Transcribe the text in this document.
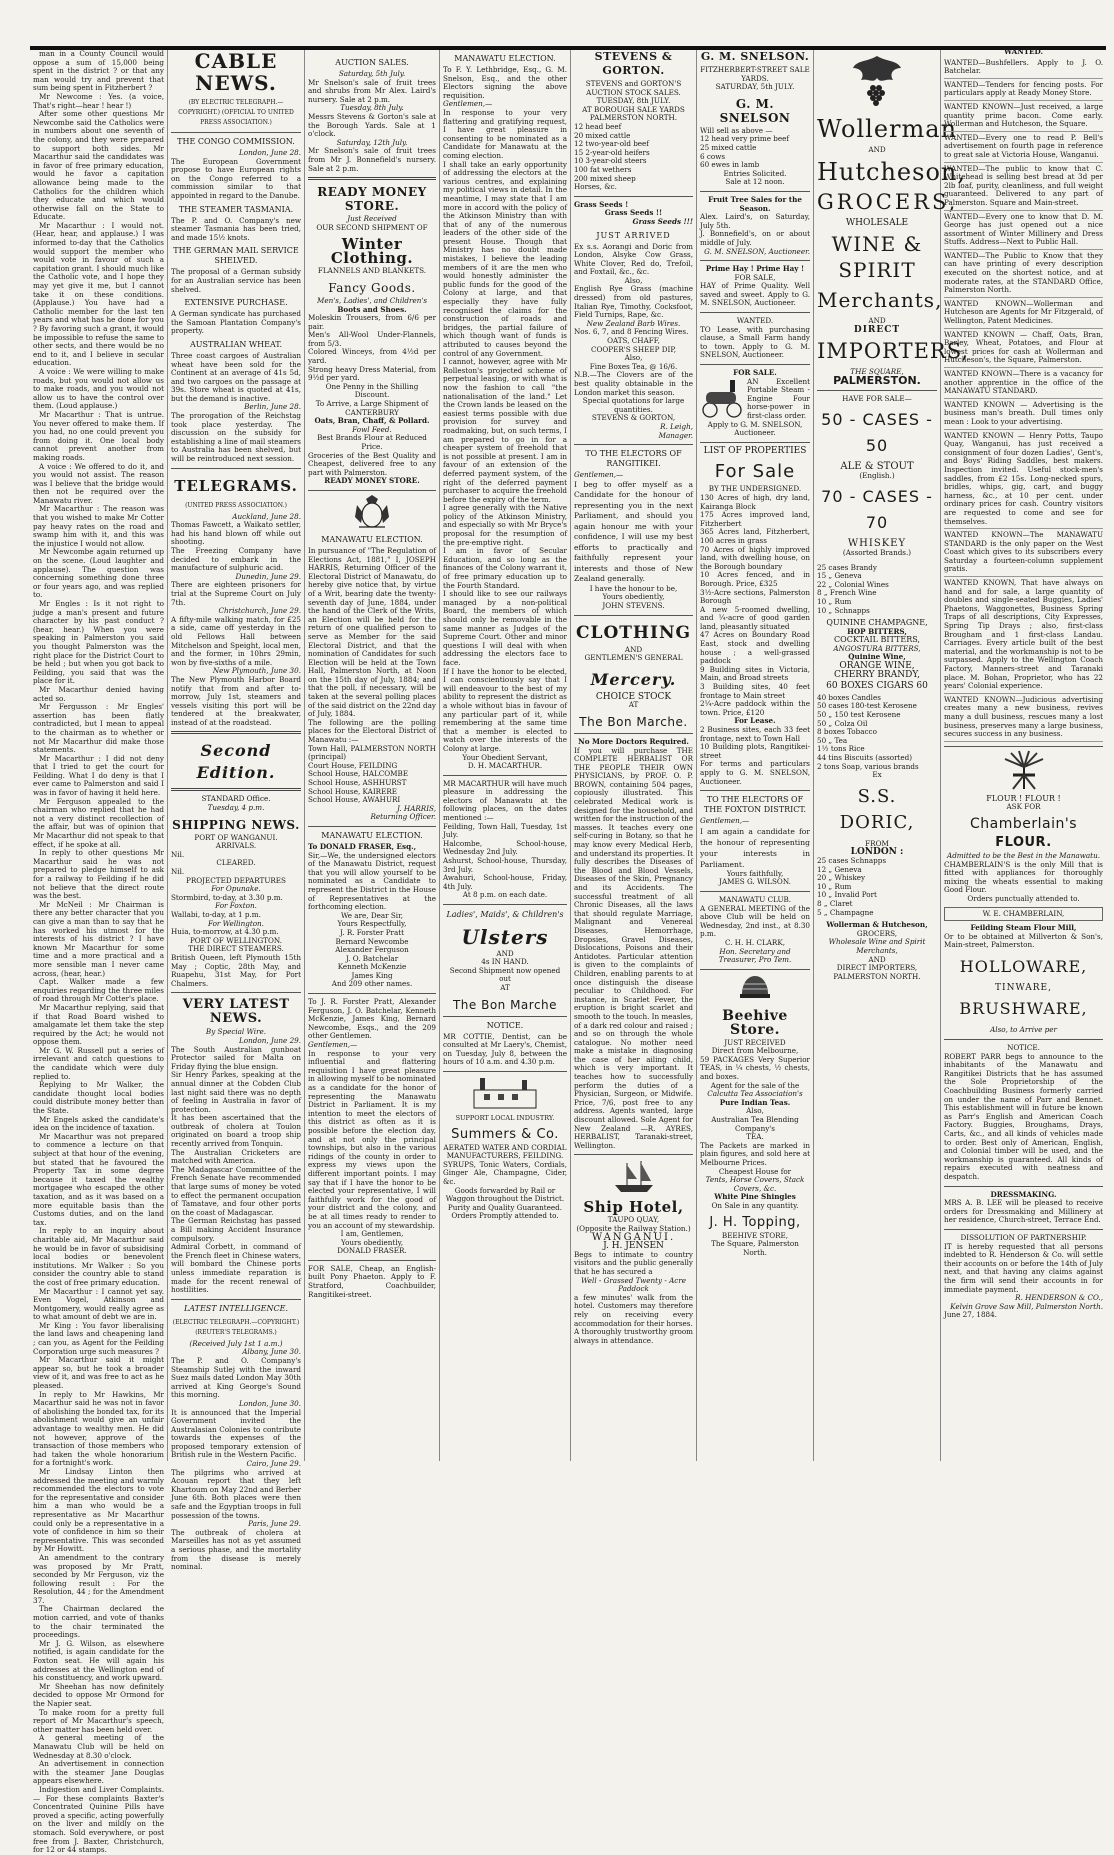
man in a County Council would oppose a sum of 15,000 being spent in the district ? or that any man would try and prevent that sum being spent in Fitzherbert ?
Mr Newcome : Yes. (a voice, That's right—hear ! hear !)
After some other questions Mr Newcombe said the Catholics were in numbers about one seventh of the colony, and they were prepared to support both sides. Mr Macarthur said the candidates was in favor of free primary education, would he favor a capitation allowance being made to the Catholics for the children which they educate and which would otherwise fall on the State to Educate.
Mr Macarthur : I would not. (Hear, hear, and applause.) I was informed to-day that the Catholics would support the member who would vote in favour of such a capitation grant. I should much like the Catholic vote, and I hope they may yet give it me, but I cannot take it on these conditions. (Applause.) You have had a Catholic member for the last ten years and what has he done for you ? By favoring such a grant, it would be impossible to refuse the same to other sects, and there would be no end to it, and I believe in secular education.
A voice : We were willing to make roads, but you would not allow us to make roads, and you would not allow us to have the control over them. (Loud applause.)
Mr Macarthur : That is untrue. You never offered to make them. If you had, no one could prevent you from doing it. One local body cannot prevent another from making roads.
A voice : We offered to do it, and you would not assist. The reason was I believe that the bridge would then not be required over the Manawatu river.
Mr Macarthur : The reason was that you wished to make Mr Cotter pay heavy rates on the road and swamp him with it, and this was the injustice I would not allow.
Mr Newcombe again returned up on the scene. (Loud laughter and applause). The question was concerning something done three or four years ago, and was replied to.
Mr Engles : Is it not right to judge a man's present and future character by his past conduct ? (hear, hear.) When you were speaking in Palmerston you said you thought Palmerston was the right place for the District Court to be held ; but when you got back to Feilding, you said that was the place for it.
Mr Macarthur denied having acted so.
Mr Fergusson : Mr Engles' assertion has been flatly contradicted, but I mean to appeal to the chairman as to whether or not Mr Macarthur did make those statements.
Mr Macarthur : I did not deny that I tried to get the court for Feilding. What I do deny is that I ever came to Palmerston and said I was in favor of having it held here.
Mr Ferguson appealed to the chairman who replied that he had not a very distinct recollection of the affair, but was of opinion that Mr Macarthur did not speak to that effect, if he spoke at all.
In reply to other questions Mr Macarthur said he was not prepared to pledge himself to ask for a railway to Feilding if he did not believe that the direct route was the best.
Mr McNeil : Mr Chairman is there any better character that you can give a man than to say that he has worked his utmost for the interests of his district ? I have known Mr Macarthur for some time and a more practical and a more sensible man I never came across, (hear, hear.)
Capt. Walker made a few enquiries regarding the three miles of road through Mr Cotter's place.
Mr Macarthur replying, said that if that Road Board wished to amalgamate let them take the step required by the Act; he would not oppose them.
Mr G. W. Russell put a series of irrelevant and catch questions to the candidate which were duly replied to.
Replying to Mr Walker, the candidate thought local bodies could distribute money better than the State.
Mr Engels asked the candidate's idea on the incidence of taxation.
Mr Macarthur was not prepared to commence a lecture on that subject at that hour of the evening, but stated that he favoured the Property Tax in some degree because it taxed the wealthy mortgagee who escaped the other taxation, and as it was based on a more equitable basis than the Customs duties, and on the land tax.
In reply to an inquiry about charitable aid, Mr Macarthur said he would be in favor of subsidising local bodies or benevolent institutions. Mr Walker : So you consider the country able to stand the cost of free primary education.
Mr Macarthur : I cannot yet say. Even Vogel, Atkinson and Montgomery, would really agree as to what amount of debt we are in.
Mr King : You favor liberalising the land laws and cheapening land ; can you, as Agent for the Feilding Corporation urge such measures ?
Mr Macarthur said it might appear so, but he took a broader view of it, and was free to act as he pleased.
In reply to Mr Hawkins, Mr Macarthur said he was not in favor of abolishing the bonded tax, for its abolishment would give an unfair advantage to wealthy men. He did not however, approve of the transaction of those members who had taken the whole honorarium for a fortnight's work.
Mr Lindsay Linton then addressed the meeting and warmly recommended the electors to vote for the representative and consider him a man who would be a representative as Mr Macarthur could only be a representative in a vote of confidence in him so their representative. This was seconded by Mr Howitt.
An amendment to the contrary was proposed by Mr Pratt, seconded by Mr Ferguson, viz the following result : For the Resolution, 44 ; for the Amendment 37.
The Chairman declared the motion carried, and vote of thanks to the chair terminated the proceedings.
Mr J. G. Wilson, as elsewhere notified, is again candidate for the Foxton seat. He will again his addresses at the Wellington end of his constituency, and work upward.
Mr Sheehan has now definitely decided to oppose Mr Ormond for the Napier seat.
To make room for a pretty full report of Mr Macarthur's speech, other matter has been held over.
A general meeting of the Manawatu Club will be held on Wednesday at 8.30 o'clock.
An advertisement in connection with the steamer Jane Douglas appears elsewhere.
Indigestion and Liver Complaints.— For these complaints Baxter's Concentrated Quinine Pills have proved a specific, acting powerfully on the liver and mildly on the stomach. Sold everywhere, or post free from J. Baxter, Christchurch, for 12 or 44 stamps.
CABLE NEWS.
(BY ELECTRIC TELEGRAPH.—COPYRIGHT.) (OFFICIAL TO UNITED PRESS ASSOCIATION.)
THE CONGO COMMISSION.
London, June 28.
The European Government propose to have European rights on the Congo referred to a commission similar to that appointed in regard to the Danube.
THE STEAMER TASMANIA.
The P. and O. Company's new steamer Tasmania has been tried, and made 15½ knots.
THE GERMAN MAIL SERVICE SHELVED.
The proposal of a German subsidy for an Australian service has been shelved.
EXTENSIVE PURCHASE.
A German syndicate has purchased the Samoan Plantation Company's property.
AUSTRALIAN WHEAT.
Three coast cargoes of Australian wheat have been sold for the Continent at an average of 41s 5d, and two cargoes on the passage at 39s. Store wheat is quoted at 41s, but the demand is inactive.
Berlin, June 28.
The prorogation of the Reichstag took place yesterday. The discussion on the subsidy for establishing a line of mail steamers to Australia has been shelved, but will be reintroduced next session.
TELEGRAMS.
(UNITED PRESS ASSOCIATION.)
Auckland, June 28.
Thomas Fawcett, a Waikato settler, had his hand blown off while out shooting.
The Freezing Company have decided to embark in the manufacture of sulphuric acid.
Dunedin, June 29.
There are eighteen prisoners for trial at the Supreme Court on July 7th.
Christchurch, June 29.
A fifty-mile walking match, for £25 a side, came off yesterday in the old Fellows Hall between Mitchelson and Speight, local men, and the former, in 10hrs 29min, won by five-sixths of a mile.
New Plymouth, June 30.
The New Plymouth Harbor Board notify that from and after to-morrow, July 1st, steamers and vessels visiting this port will be tendered at the breakwater, instead of at the roadstead.
Second Edition.
STANDARD Office.
Tuesday, 4 p.m.
SHIPPING NEWS.
PORT OF WANGANUI.
ARRIVALS.
Nil.
CLEARED.
Nil.
PROJECTED DEPARTURES
For Opunake.
Stormbird, to-day, at 3.30 p.m.
For Foxton.
Wallabi, to-day, at 1 p.m.
For Wellington.
Huia, to-morrow, at 4.30 p.m.
PORT OF WELLINGTON.
THE DIRECT STEAMERS.
British Queen, left Plymouth 15th May ; Coptic, 28th May, and Ruapehu, 31st May, for Port Chalmers.
VERY LATEST NEWS.
By Special Wire.
London, June 29.
The South Australian gunboat Protector sailed for Malta on Friday flying the blue ensign.
Sir Henry Parkes, speaking at the annual dinner at the Cobden Club last night said there was no depth of feeling in Australia in favor of protection.
It has been ascertained that the outbreak of cholera at Toulon originated on board a troop ship recently arrived from Tonquin.
The Australian Cricketers are matched with America.
The Madagascar Committee of the French Senate have recommended that large sums of money be voted to effect the permanent occupation of Tamatave, and four other ports on the coast of Madagascar.
The German Reichstag has passed a Bill making Accident Insurance compulsory.
Admiral Corbett, in command of the French fleet in Chinese waters, will bombard the Chinese ports unless immediate reparation is made for the recent renewal of hostilities.
LATEST INTELLIGENCE.
(ELECTRIC TELEGRAPH.—COPYRIGHT.) (REUTER'S TELEGRAMS.)
(Received July 1st 1 a.m.)
Albany, June 30.
The P. and O. Company's Steamship Sutlej with the inward Suez mails dated London May 30th arrived at King George's Sound this morning.
London, June 30.
It is announced that the Imperial Government invited the Australasian Colonies to contribute towards the expenses of the proposed temporary extension of British rule in the Western Pacific.
Cairo, June 29.
The pilgrims who arrived at Acouan report that they left Khartoum on May 22nd and Berber June 6th. Both places were then safe and the Egyptian troops in full possession of the towns.
Paris, June 29.
The outbreak of cholera at Marseilles has not as yet assumed a serious phase, and the mortality from the disease is merely nominal.
AUCTION SALES.
Saturday, 5th July.
Mr Snelson's sale of fruit trees and shrubs from Mr Alex. Laird's nursery. Sale at 2 p.m.
Tuesday, 8th July.
Messrs Stevens & Gorton's sale at the Borough Yards. Sale at 1 o'clock.
Saturday, 12th July.
Mr Snelson's sale of fruit trees from Mr J. Bonnefield's nursery. Sale at 2 p.m.
READY MONEY STORE.
Just Received
OUR SECOND SHIPMENT OF
Winter Clothing.
FLANNELS AND BLANKETS.
Fancy Goods.
Men's, Ladies', and Children's
Boots and Shoes.
Moleskin Trousers, from 6/6 per pair.
Men's All-Wool Under-Flannels, from 5/3.
Colored Winceys, from 4½d per yard.
Strong heavy Dress Material, from 9½d per yard.
One Penny in the Shilling Discount.
To Arrive, a Large Shipment of
CANTERBURY
Oats, Bran, Chaff, & Pollard.
Fowl Feed.
Best Brands Flour at Reduced Price.
Groceries of the Best Quality and Cheapest, delivered free to any part with Palmerston.
READY MONEY STORE.
MANAWATU ELECTION.
In pursuance of "The Regulation of Elections Act, 1881," I, JOSEPH HARRIS, Returning Officer of the Electoral District of Manawatu, do hereby give notice that, by virtue of a Writ, bearing date the twenty-seventh day of June, 1884, under the hand of the Clerk of the Writs, an Election will be held for the return of one qualified person to serve as Member for the said Electoral District, and that the nomination of Candidates for such Election will be held at the Town Hall, Palmerston North, at Noon on the 15th day of July, 1884; and that the poll, if necessary, will be taken at the several polling places of the said district on the 22nd day of July, 1884.
The following are the polling places for the Electoral District of Manawatu :—
Town Hall, PALMERSTON NORTH (principal)
Court House, FEILDING
School House, HALCOMBE
School House, ASHHURST
School House, KAIRERE
School House, AWAHURI
J. HARRIS,
Returning Officer.
MANAWATU ELECTION.
To DONALD FRASER, Esq.,
Sir,—We, the undersigned electors of the Manawatu District, request that you will allow yourself to be nominated as a Candidate to represent the District in the House of Representatives at the forthcoming election.
We are, Dear Sir,
Yours Respectfully,
J. R. Forster Pratt
Bernard Newcombe
Alexander Ferguson
J. O. Batchelar
Kenneth McKenzie
James King
And 209 other names.
To J. R. Forster Pratt, Alexander Ferguson, J. O. Batchelar, Kenneth McKenzie, James King, Bernard Newcombe, Esqs., and the 209 other Gentlemen.
Gentlemen,—
In response to your very influential and flattering requisition I have great pleasure in allowing myself to be nominated as a candidate for the honor of representing the Manawatu District in Parliament. It is my intention to meet the electors of this district as often as it is possible before the election day, and at not only the principal townships, but also in the various ridings of the county in order to express my views upon the different important points. I may say that if I have the honor to be elected your representative, I will faithfully work for the good of your district and the colony, and be at all times ready to render to you an account of my stewardship.
I am, Gentlemen,
Yours obediently,
DONALD FRASER.
FOR SALE, Cheap, an English-built Pony Phaeton. Apply to F. Stratford, Coachbuilder, Rangitikei-street.
MANAWATU ELECTION.
To F. Y. Lethbridge, Esq., G. M. Snelson, Esq., and the other Electors signing the above requisition.
Gentlemen,—
In response to your very flattering and gratifying request, I have great pleasure in consenting to be nominated as a Candidate for Manawatu at the coming election.
I shall take an early opportunity of addressing the electors at the various centres, and explaining my political views in detail. In the meantime, I may state that I am more in accord with the policy of the Atkinson Ministry than with that of any of the numerous leaders of the other side of the present House. Though that Ministry has no doubt made mistakes, I believe the leading members of it are the men who would honestly administer the public funds for the good of the Colony at large, and that especially they have fully recognised the claims for the construction of roads and bridges, the partial failure of which though want of funds is attributed to causes beyond the control of any Government.
I cannot, however, agree with Mr Rolleston's projected scheme of perpetual leasing, or with what is now the fashion to call "the nationalisation of the land." Let the Crown lands be leased on the easiest terms possible with due provision for survey and roadmaking, but, on such terms, I am prepared to go in for a cheaper system of freehold that is not possible at present. I am in favour of an extension of the deferred payment system, of the right of the deferred payment purchaser to acquire the freehold before the expiry of the term.
I agree generally with the Native policy of the Atkinson Ministry, and especially so with Mr Bryce's proposal for the resumption of the pre-emptive right.
I am in favor of Secular Education, and so long as the finances of the Colony warrant it, of free primary education up to the Fourth Standard.
I should like to see our railways managed by a non-political Board, the members of which should only be removable in the same manner as Judges of the Supreme Court. Other and minor questions I will deal with when addressing the electors face to face.
If I have the honor to be elected, I can conscientiously say that I will endeavour to the best of my ability to represent the district as a whole without bias in favour of any particular part of it, while remembering at the same time that a member is elected to watch over the interests of the Colony at large.
Your Obedient Servant,
D. H. MACARTHUR.
MR MACARTHUR will have much pleasure in addressing the electors of Manawatu at the following places, on the dates mentioned :—
Feilding, Town Hall, Tuesday, 1st July.
Halcombe, School-house, Wednesday 2nd July.
Ashurst, School-house, Thursday, 3rd July.
Awahuri, School-house, Friday, 4th July.
At 8 p.m. on each date.
Ladies', Maids', & Children's
Ulsters
AND
4s IN HAND.
Second Shipment now opened out
AT
The Bon Marche
NOTICE.
MR COTTIE, Dentist, can be consulted at Mr Laery's, Chemist, on Tuesday, July 8, between the hours of 10 a.m. and 4.30 p.m.
SUPPORT LOCAL INDUSTRY.
Summers & Co.
AERATED WATER AND CORDIAL MANUFACTURERS, FEILDING.
SYRUPS, Tonic Waters, Cordials, Ginger Ale, Champagne, Cider, &c.
Goods forwarded by Rail or Waggon throughout the District.
Purity and Quality Guaranteed.
Orders Promptly attended to.
STEVENS & GORTON.
STEVENS and GORTON'S
AUCTION STOCK SALES.
TUESDAY, 8th JULY.
AT BOROUGH SALE YARDS
PALMERSTON NORTH.
12 head beef
20 mixed cattle
12 two-year-old beef
15 2-year-old heifers
10 3-year-old steers
100 fat wethers
200 mixed sheep
Horses, &c.
Grass Seeds !
Grass Seeds !!
Grass Seeds !!!
JUST ARRIVED
Ex s.s. Aorangi and Doric from London, Alsyke Cow Grass, White Clover, Red do, Trefoil, and Foxtail, &c., &c.
Also,
English Rye Grass (machine dressed) from old pastures, Italian Rye, Timothy, Cocksfoot, Field Turnips, Rape, &c.
New Zealand Barb Wires.
Nos. 6, 7, and 8 Fencing Wires.
OATS, CHAFF,
COOPER'S SHEEP DIP,
Also,
Fine Boxes Tea, @ 16/6.
N.B.—The Clovers are of the best quality obtainable in the London market this season.
Special quotations for large quantities.
STEVENS & GORTON,
R. Leigh,
Manager.
TO THE ELECTORS OF RANGITIKEI.
Gentlemen,—
I beg to offer myself as a Candidate for the honour of representing you in the next Parliament, and should you again honour me with your confidence, I will use my best efforts to practically and faithfully represent your interests and those of New Zealand generally.
I have the honour to be,
Yours obediently,
JOHN STEVENS.
CLOTHING
AND
GENTLEMEN'S GENERAL
Mercery.
CHOICE STOCK
AT
The Bon Marche.
No More Doctors Required.
If you will purchase THE COMPLETE HERBALIST OR THE PEOPLE THEIR OWN PHYSICIANS, by PROF. O. P. BROWN, containing 504 pages, copiously illustrated. This celebrated Medical work is designed for the household, and written for the instruction of the masses. It teaches every one self-curing in Botany, so that he may know every Medical Herb, and understand its properties. It fully describes the Diseases of the Blood and Blood Vessels, Diseases of the Skin, Pregnancy and its Accidents. The successful treatment of all Chronic Diseases, all the laws that should regulate Marriage, Malignant and Venereal Diseases, Hemorrhage, Dropsies, Gravel Diseases, Dislocations, Poisons and their Antidotes. Particular attention is given to the complaints of Children, enabling parents to at once distinguish the disease peculiar to Childhood. For instance, in Scarlet Fever, the eruption is bright scarlet and smooth to the touch. In measles, of a dark red colour and raised ; and so on through the whole catalogue. No mother need make a mistake in diagnosing the case of her ailing child, which is very important. It teaches how to successfully perform the duties of a Physician, Surgeon, or Midwife. Price, 7/6, post free to any address. Agents wanted, large discount allowed. Sole Agent for New Zealand —R. AYRES, HERBALIST, Taranaki-street, Wellington.
Ship Hotel,
TAUPO QUAY,
(Opposite the Railway Station.)
WANGANUI.
J. H. JENSEN
Begs to intimate to country visitors and the public generally that he has secured a
Well - Grassed Twenty - Acre Paddock
a few minutes' walk from the hotel. Customers may therefore rely on receiving every accommodation for their horses.
A thoroughly trustworthy groom always in attendance.
G. M. SNELSON.
FITZHERBERT-STREET SALE YARDS.
SATURDAY, 5th JULY.
G. M. SNELSON
Will sell as above —
12 head very prime beef
25 mixed cattle
6 cows
60 ewes in lamb
Entries Solicited.
Sale at 12 noon.
Fruit Tree Sales for the Season.
Alex. Laird's, on Saturday, July 5th.
J. Bonnefield's, on or about middle of July.
G. M. SNELSON, Auctioneer.
Prime Hay ! Prime Hay !
FOR SALE,
HAY of Prime Quality. Well saved and sweet. Apply to G. M. SNELSON, Auctioneer.
WANTED.
TO Lease, with purchasing clause, a Small Farm handy to town. Apply to G. M. SNELSON, Auctioneer.
FOR SALE.
AN Excellent Portable Steam - Engine Four horse-power in first-class order.
Apply to G. M. SNELSON, Auctioneer.
LIST OF PROPERTIES
For Sale
BY THE UNDERSIGNED.
130 Acres of high, dry land, Kairanga Block
175 Acres improved land, Fitzherbert
365 Acres land, Fitzherbert, 100 acres in grass
70 Acres of highly improved land, with dwelling house, on the Borough boundary
10 Acres fenced, and in Borough. Price, £325
3½-Acre sections, Palmerston Borough
A new 5-roomed dwelling, and ¼-acre of good garden land, pleasantly situated
47 Acres on Boundary Road East, stock and dwelling house ; a well-grassed paddock
9 Building sites in Victoria, Main, and Broad streets
3 Building sites, 40 feet frontage to Main street
2¼-Acre paddock within the town. Price, £120
For Lease.
2 Business sites, each 33 feet frontage, next to Town Hall
10 Building plots, Rangitikei-street
For terms and particulars apply to G. M. SNELSON, Auctioneer.
TO THE ELECTORS OF THE FOXTON DISTRICT.
Gentlemen,—
I am again a candidate for the honour of representing your interests in Parliament.
Yours faithfully,
JAMES G. WILSON.
MANAWATU CLUB.
A GENERAL MEETING of the above Club will be held on Wednesday, 2nd inst., at 8.30 p.m.
C. H. H. CLARK,
Hon. Secretary and Treasurer, Pro Tem.
Beehive Store.
JUST RECEIVED
Direct from Melbourne,
59 PACKAGES Very Superior TEAS, in ¼ chests, ½ chests, and boxes.
Agent for the sale of the
Calcutta Tea Association's
Pure Indian Teas.
Also,
Australian Tea Blending Company's
TEA.
The Packets are marked in plain figures, and sold here at Melbourne Prices.
Cheapest House for
Tents, Horse Covers, Stack Covers, &c.
White Pine Shingles
On Sale in any quantity.
J. H. Topping,
BEEHIVE STORE,
The Square, Palmerston North.
Wollerman
AND
Hutcheson,
GROCERS,
WHOLESALE
WINE & SPIRIT
Merchants,
AND
DIRECT
IMPORTERS,
THE SQUARE,
PALMERSTON.
HAVE FOR SALE—
50 - CASES - 50
ALE & STOUT
(English.)
70 - CASES - 70
WHISKEY
(Assorted Brands.)
25 cases Brandy
15 „ Geneva
22 „ Colonial Wines
8 „ French Wine
10 „ Rum
10 „ Schnapps
QUININE CHAMPAGNE,
HOP BITTERS,
COCKTAIL BITTERS,
ANGOSTURA BITTERS,
Quinine Wine,
ORANGE WINE,
CHERRY BRANDY,
60 BOXES CIGARS 60
40 boxes Candles
50 cases 180-test Kerosene
50 „ 150 test Kerosene
50 „ Colza Oil
8 boxes Tobacco
50 „ Tea
1½ tons Rice
44 tins Biscuits (assorted)
2 tons Soap, various brands
Ex
S.S. DORIC,
FROM
LONDON :
25 cases Schnapps
12 „ Geneva
20 „ Whiskey
10 „ Rum
10 „ Invalid Port
8 „ Claret
5 „ Champagne
Wollerman & Hutcheson,
GROCERS,
Wholesale Wine and Spirit
Merchants,
AND
DIRECT IMPORTERS,
PALMERSTON NORTH.
WANTED.
WANTED—Bushfellers. Apply to J. O. Batchelar.
WANTED—Tenders for fencing posts. For particulars apply at Ready Money Store.
WANTED KNOWN—Just received, a large quantity prime bacon. Come early. Wollerman and Hutcheson, the Square.
WANTED—Every one to read P. Bell's advertisement on fourth page in reference to great sale at Victoria House, Wanganui.
WANTED—The public to know that C. Whitehead is selling best bread at 3d per 2lb loaf, purity, cleanliness, and full weight guaranteed. Delivered to any part of Palmerston. Square and Main-street.
WANTED—Every one to know that D. M. George has just opened out a nice assortment of Winter Millinery and Dress Stuffs. Address—Next to Public Hall.
WANTED—The Public to Know that they can have printing of every description executed on the shortest notice, and at moderate rates, at the STANDARD Office, Palmerston North.
WANTED KNOWN—Wollerman and Hutcheson are Agents for Mr Fitzgerald, of Wellington, Patent Medicines.
WANTED KNOWN — Chaff, Oats, Bran, Barley, Wheat, Potatoes, and Flour at lowest prices for cash at Wollerman and Hutcheson's, the Square, Palmerston.
WANTED KNOWN—There is a vacancy for another apprentice in the office of the MANAWATU STANDARD.
WANTED KNOWN — Advertising is the business man's breath. Dull times only mean : Look to your advertising.
WANTED KNOWN — Henry Potts, Taupo Quay, Wanganui, has just received a consignment of four dozen Ladies', Gent's, and Boys' Riding Saddles, best makers. Inspection invited. Useful stock-men's saddles, from £2 15s. Long-necked spurs, bridles, whips, gig, cart, and buggy harness, &c., at 10 per cent. under ordinary prices for cash. Country visitors are requested to come and see for themselves.
WANTED KNOWN—The MANAWATU STANDARD is the only paper on the West Coast which gives to its subscribers every Saturday a fourteen-column supplement gratis.
WANTED KNOWN, That have always on hand and for sale, a large quantity of doubles and single-seated Buggies, Ladies' Phaetons, Waggonettes, Business Spring Traps of all descriptions, City Expresses, Spring Tip Drays ; also, first-class Brougham and 1 first-class Landau. Carriages. Every article built of the best material, and the workmanship is not to be surpassed. Apply to the Wellington Coach Factory, Manners-street and Taranaki place. M. Bohan, Proprietor, who has 22 years' Colonial experience.
WANTED KNOWN—Judicious advertising creates many a new business, revives many a dull business, rescues many a lost business, preserves many a large business, secures success in any business.
FLOUR ! FLOUR !
ASK FOR
Chamberlain's
FLOUR.
Admitted to be the Best in the Manawatu.
CHAMBERLAIN'S is the only Mill that is fitted with appliances for thoroughly mixing the wheats essential to making Good Flour.
Orders punctually attended to.
W. E. CHAMBERLAIN,
Feilding Steam Flour Mill,
Or to be obtained at Millverton & Son's, Main-street, Palmerston.
HOLLOWARE,
TINWARE,
BRUSHWARE,
Also, to Arrive per
NOTICE.
ROBERT PARR begs to announce to the inhabitants of the Manawatu and Rangitikei Districts that he has assumed the Sole Proprietorship of the Coachbuilding Business formerly carried on under the name of Parr and Bennet. This establishment will in future be known as Parr's English and American Coach Factory. Buggies, Broughams, Drays, Carts, &c., and all kinds of vehicles made to order. Best only of American, English, and Colonial timber will be used, and the workmanship is guaranteed. All kinds of repairs executed with neatness and despatch.
DRESSMAKING.
MRS A. B. LEE will be pleased to receive orders for Dressmaking and Millinery at her residence, Church-street, Terrace End.
DISSOLUTION OF PARTNERSHIP.
IT is hereby requested that all persons indebted to R. Henderson & Co. will settle their accounts on or before the 14th of July next, and that having any claims against the firm will send their accounts in for immediate payment.
R. HENDERSON & CO.,
Kelvin Grove Saw Mill, Palmerston North.
June 27, 1884.
